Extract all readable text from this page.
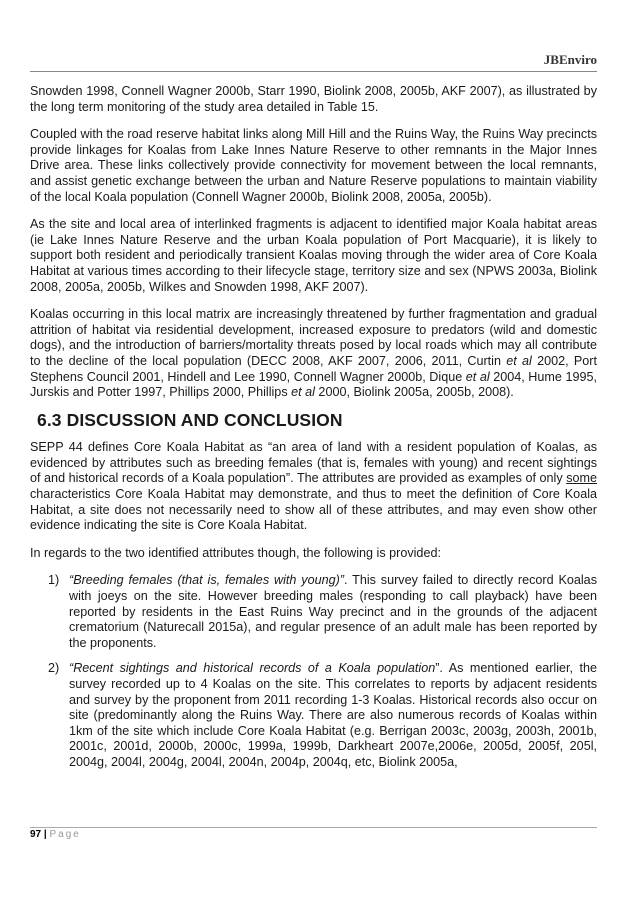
JBEnviro

Snowden 1998, Connell Wagner 2000b, Starr 1990, Biolink 2008, 2005b, AKF 2007), as illustrated by the long term monitoring of the study area detailed in Table 15.

Coupled with the road reserve habitat links along Mill Hill and the Ruins Way, the Ruins Way precincts provide linkages for Koalas from Lake Innes Nature Reserve to other remnants in the Major Innes Drive area. These links collectively provide connectivity for movement between the local remnants, and assist genetic exchange between the urban and Nature Reserve populations to maintain viability of the local Koala population (Connell Wagner 2000b, Biolink 2008, 2005a, 2005b).

As the site and local area of interlinked fragments is adjacent to identified major Koala habitat areas (ie Lake Innes Nature Reserve and the urban Koala population of Port Macquarie), it is likely to support both resident and periodically transient Koalas moving through the wider area of Core Koala Habitat at various times according to their lifecycle stage, territory size and sex (NPWS 2003a, Biolink 2008, 2005a, 2005b, Wilkes and Snowden 1998, AKF 2007).

Koalas occurring in this local matrix are increasingly threatened by further fragmentation and gradual attrition of habitat via residential development, increased exposure to predators (wild and domestic dogs), and the introduction of barriers/mortality threats posed by local roads which may all contribute to the decline of the local population (DECC 2008, AKF 2007, 2006, 2011, Curtin et al 2002, Port Stephens Council 2001, Hindell and Lee 1990, Connell Wagner 2000b, Dique et al 2004, Hume 1995, Jurskis and Potter 1997, Phillips 2000, Phillips et al 2000, Biolink 2005a, 2005b, 2008).

6.3 DISCUSSION AND CONCLUSION

SEPP 44 defines Core Koala Habitat as “an area of land with a resident population of Koalas, as evidenced by attributes such as breeding females (that is, females with young) and recent sightings of and historical records of a Koala population”. The attributes are provided as examples of only some characteristics Core Koala Habitat may demonstrate, and thus to meet the definition of Core Koala Habitat, a site does not necessarily need to show all of these attributes, and may even show other evidence indicating the site is Core Koala Habitat.

In regards to the two identified attributes though, the following is provided:

1) “Breeding females (that is, females with young)”. This survey failed to directly record Koalas with joeys on the site. However breeding males (responding to call playback) have been reported by residents in the East Ruins Way precinct and in the grounds of the adjacent crematorium (Naturecall 2015a), and regular presence of an adult male has been reported by the proponents.
2) “Recent sightings and historical records of a Koala population”. As mentioned earlier, the survey recorded up to 4 Koalas on the site. This correlates to reports by adjacent residents and survey by the proponent from 2011 recording 1-3 Koalas. Historical records also occur on site (predominantly along the Ruins Way. There are also numerous records of Koalas within 1km of the site which include Core Koala Habitat (e.g. Berrigan 2003c, 2003g, 2003h, 2001b, 2001c, 2001d, 2000b, 2000c, 1999a, 1999b, Darkheart 2007e,2006e, 2005d, 2005f, 205l, 2004g, 2004l, 2004g, 2004l, 2004n, 2004p, 2004q, etc, Biolink 2005a,
97 | Page
